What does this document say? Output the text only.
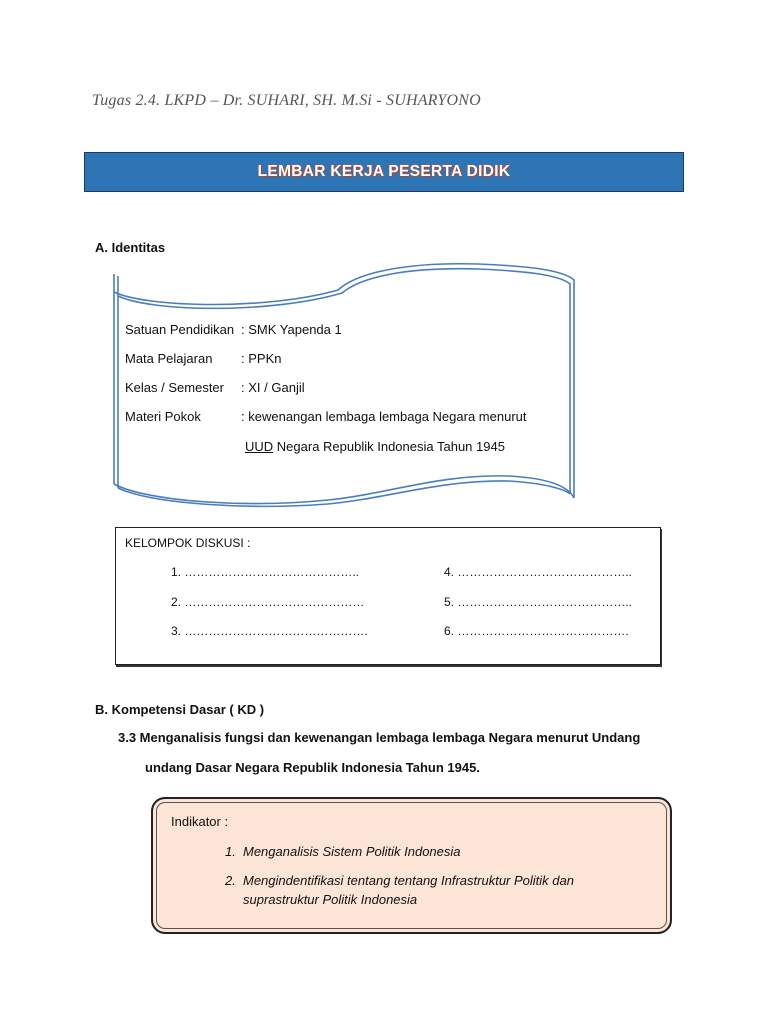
Tugas 2.4. LKPD – Dr. SUHARI, SH. M.Si - SUHARYONO
LEMBAR KERJA PESERTA DIDIK
A. Identitas
Satuan Pendidikan : SMK Yapenda 1
Mata Pelajaran : PPKn
Kelas / Semester : XI / Ganjil
Materi Pokok	: kewenangan lembaga lembaga Negara menurut
UUD Negara Republik Indonesia Tahun 1945
KELOMPOK DISKUSI :
1. ……………………………………..
2. ………………………………………
3. ……………………………………….
4. ……………………………………..
5. ……………………………………..
6. …………………………………….
B. Kompetensi Dasar ( KD )
3.3 Menganalisis fungsi dan kewenangan lembaga lembaga Negara menurut Undang
undang Dasar Negara Republik Indonesia Tahun 1945.
Indikator :
1. Menganalisis Sistem Politik Indonesia
2. Mengindentifikasi tentang tentang Infrastruktur Politik dan
suprastruktur Politik Indonesia
